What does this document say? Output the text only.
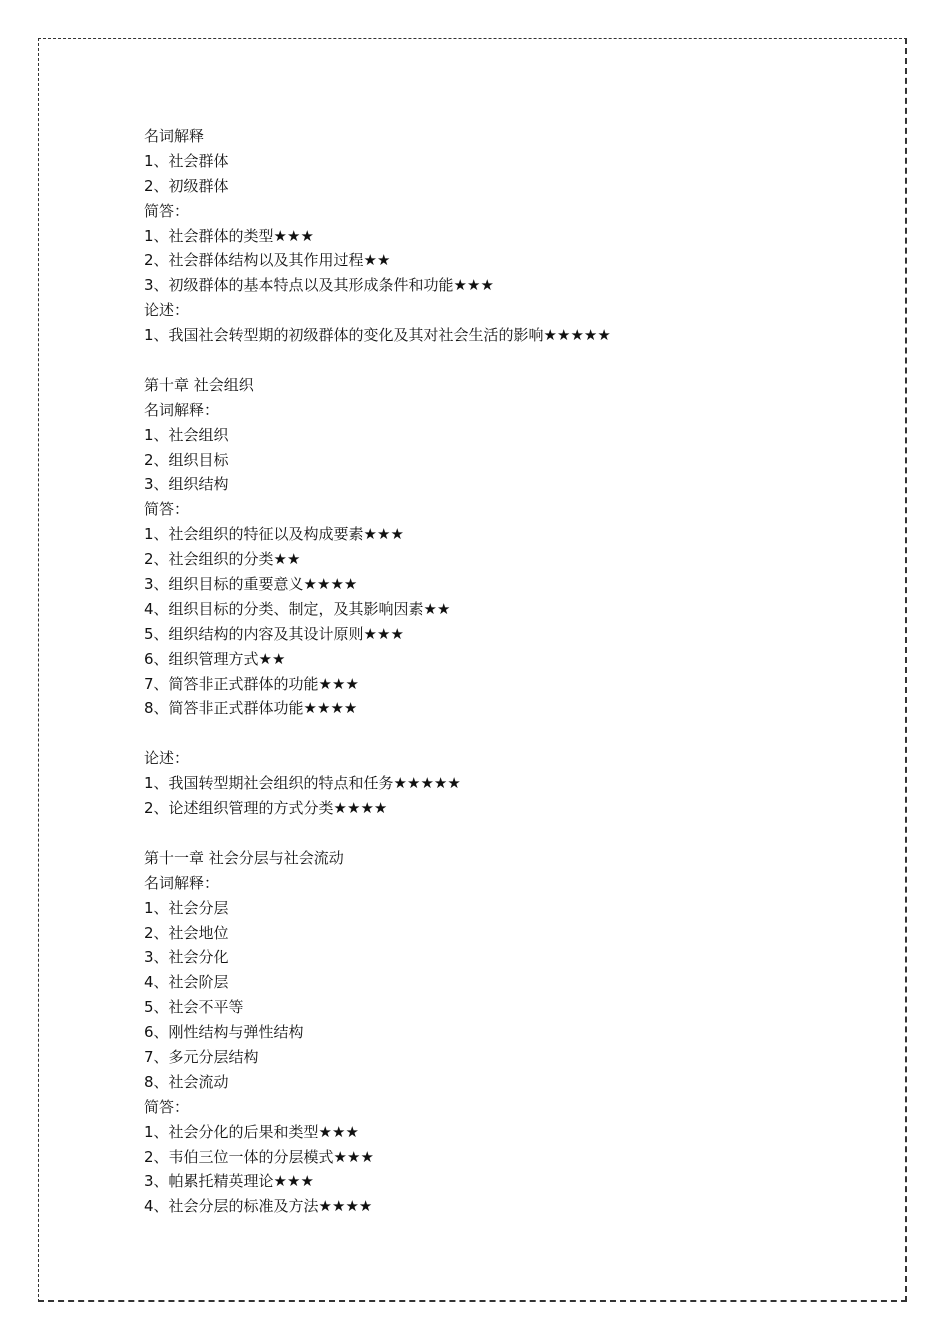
名词解释
1、社会群体
2、初级群体
简答：
1、社会群体的类型★★★
2、社会群体结构以及其作用过程★★
3、初级群体的基本特点以及其形成条件和功能★★★
论述：
1、我国社会转型期的初级群体的变化及其对社会生活的影响★★★★★
第十章 社会组织
名词解释：
1、社会组织
2、组织目标
3、组织结构
简答：
1、社会组织的特征以及构成要素★★★
2、社会组织的分类★★
3、组织目标的重要意义★★★★
4、组织目标的分类、制定，及其影响因素★★
5、组织结构的内容及其设计原则★★★
6、组织管理方式★★
7、简答非正式群体的功能★★★
8、简答非正式群体功能★★★★
论述：
1、我国转型期社会组织的特点和任务★★★★★
2、论述组织管理的方式分类★★★★
第十一章 社会分层与社会流动
名词解释：
1、社会分层
2、社会地位
3、社会分化
4、社会阶层
5、社会不平等
6、刚性结构与弹性结构
7、多元分层结构
8、社会流动
简答：
1、社会分化的后果和类型★★★
2、韦伯三位一体的分层模式★★★
3、帕累托精英理论★★★
4、社会分层的标准及方法★★★★
